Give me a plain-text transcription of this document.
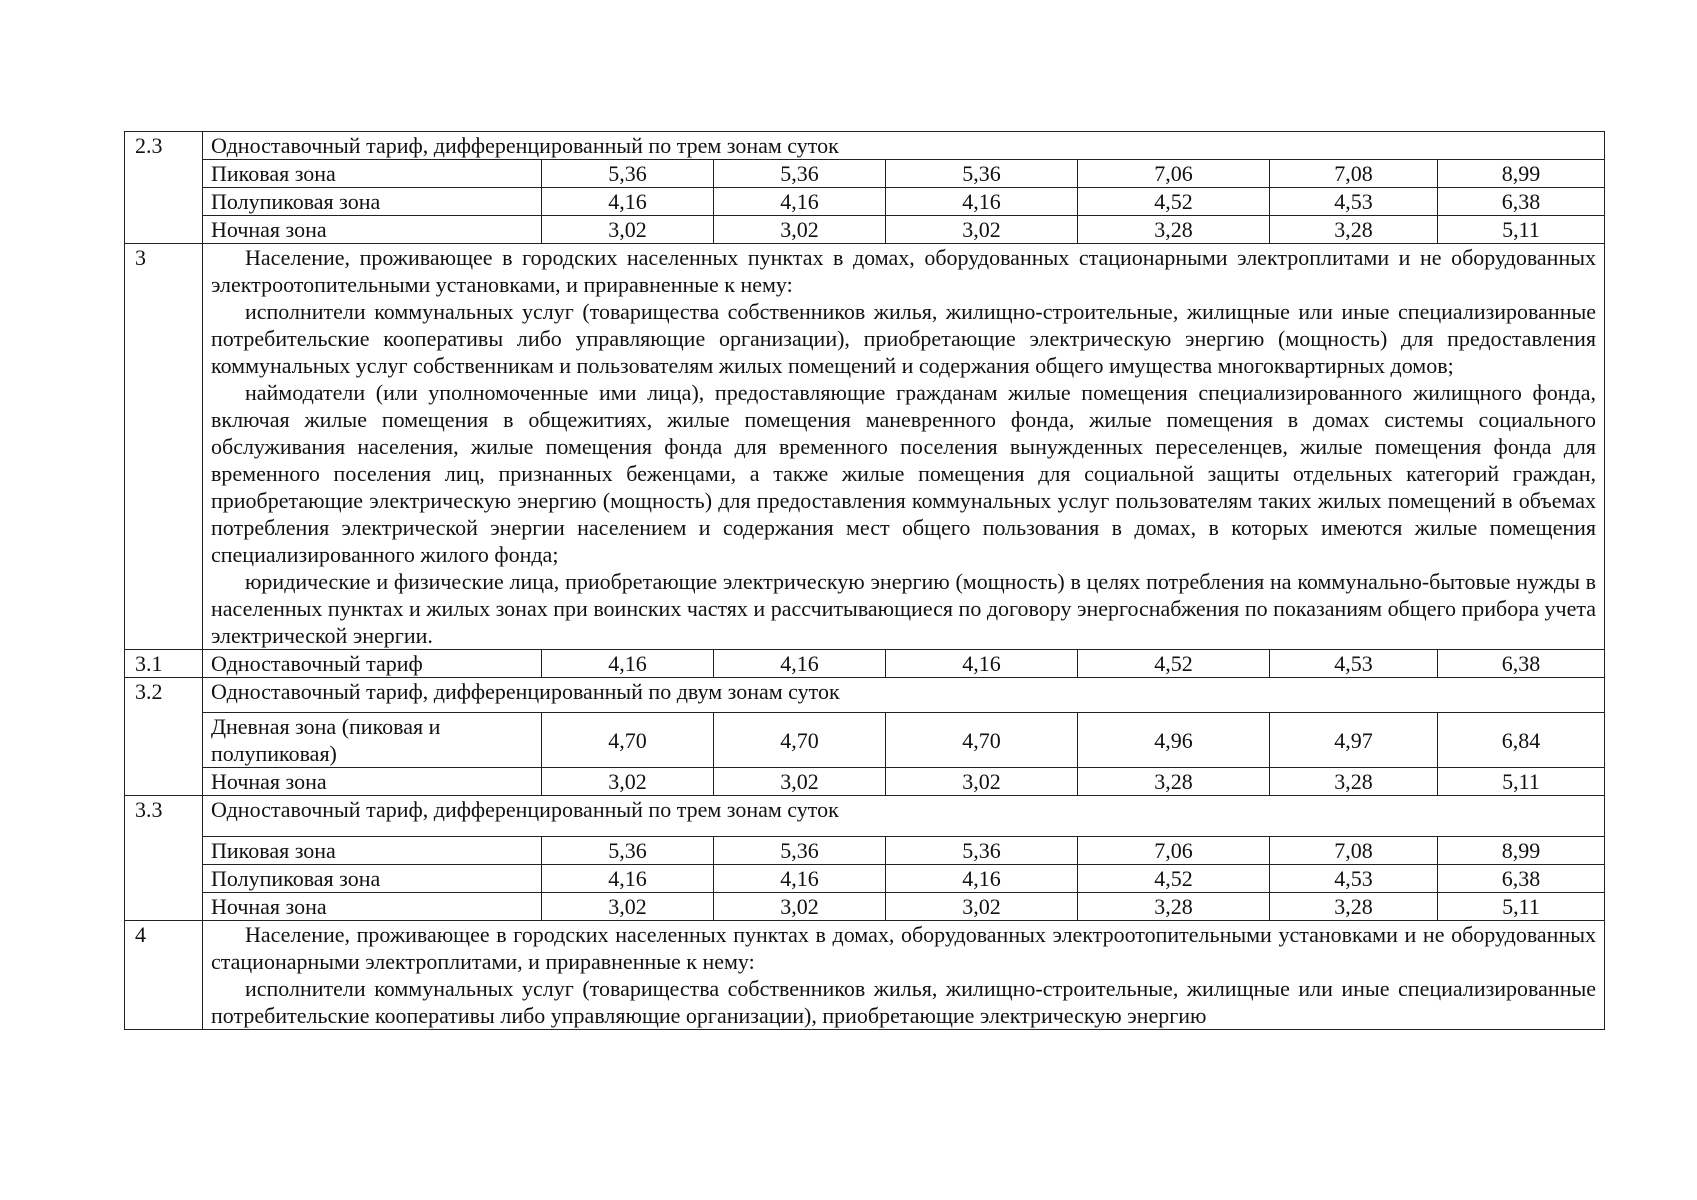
2.3	Одноставочный тариф, дифференцированный по трем зонам суток						
	Пиковая зона	5,36	5,36	5,36	7,06	7,08	8,99
	Полупиковая зона	4,16	4,16	4,16	4,52	4,53	6,38
	Ночная зона	3,02	3,02	3,02	3,28	3,28	5,11
3	Население, проживающее в городских населенных пунктах в домах, оборудованных стационарными электроплитами и не оборудованных электроотопительными установками, и приравненные к нему:

исполнители коммунальных услуг (товарищества собственников жилья, жилищно-строительные, жилищные или иные специализированные потребительские кооперативы либо управляющие организации), приобретающие электрическую энергию (мощность) для предоставления коммунальных услуг собственникам и пользователям жилых помещений и содержания общего имущества многоквартирных домов;

наймодатели (или уполномоченные ими лица), предоставляющие гражданам жилые помещения специализированного жилищного фонда, включая жилые помещения в общежитиях, жилые помещения маневренного фонда, жилые помещения в домах системы социального обслуживания населения, жилые помещения фонда для временного поселения вынужденных переселенцев, жилые помещения фонда для временного поселения лиц, признанных беженцами, а также жилые помещения для социальной защиты отдельных категорий граждан, приобретающие электрическую энергию (мощность) для предоставления коммунальных услуг пользователям таких жилых помещений в объемах потребления электрической энергии населением и содержания мест общего пользования в домах, в которых имеются жилые помещения специализированного жилого фонда;

юридические и физические лица, приобретающие электрическую энергию (мощность) в целях потребления на коммунально-бытовые нужды в населенных пунктах и жилых зонах при воинских частях и рассчитывающиеся по договору энергоснабжения по показаниям общего прибора учета электрической энергии.						

3.1	Одноставочный тариф	4,16	4,16	4,16	4,52	4,53	6,38
3.2	Одноставочный тариф, дифференцированный по двум зонам суток						
	Дневная зона (пиковая и полупиковая)	4,70	4,70	4,70	4,96	4,97	6,84
	Ночная зона	3,02	3,02	3,02	3,28	3,28	5,11
3.3	Одноставочный тариф, дифференцированный по трем зонам суток						
	Пиковая зона	5,36	5,36	5,36	7,06	7,08	8,99
	Полупиковая зона	4,16	4,16	4,16	4,52	4,53	6,38
	Ночная зона	3,02	3,02	3,02	3,28	3,28	5,11
4	Население, проживающее в городских населенных пунктах в домах, оборудованных электроотопительными установками и не оборудованных стационарными электроплитами, и приравненные к нему:

исполнители коммунальных услуг (товарищества собственников жилья, жилищно-строительные, жилищные или иные специализированные потребительские кооперативы либо управляющие организации), приобретающие электрическую энергию						
